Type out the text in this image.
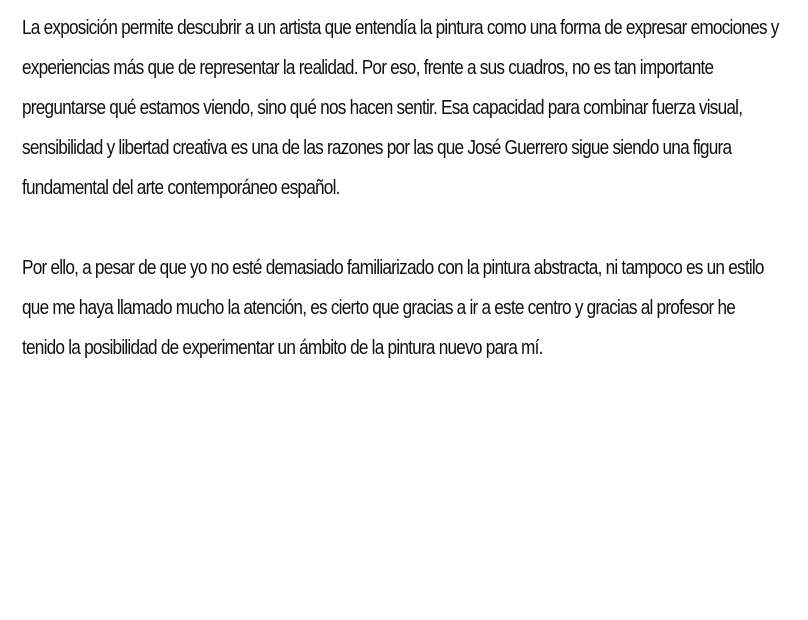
La exposición permite descubrir a un artista que entendía la pintura como una forma de expresar emociones y experiencias más que de representar la realidad. Por eso, frente a sus cuadros, no es tan importante preguntarse qué estamos viendo, sino qué nos hacen sentir. Esa capacidad para combinar fuerza visual, sensibilidad y libertad creativa es una de las razones por las que José Guerrero sigue siendo una figura fundamental del arte contemporáneo español.

Por ello, a pesar de que yo no esté demasiado familiarizado con la pintura abstracta, ni tampoco es un estilo que me haya llamado mucho la atención, es cierto que gracias a ir a este centro y gracias al profesor he tenido la posibilidad de experimentar un ámbito de la pintura nuevo para mí.
